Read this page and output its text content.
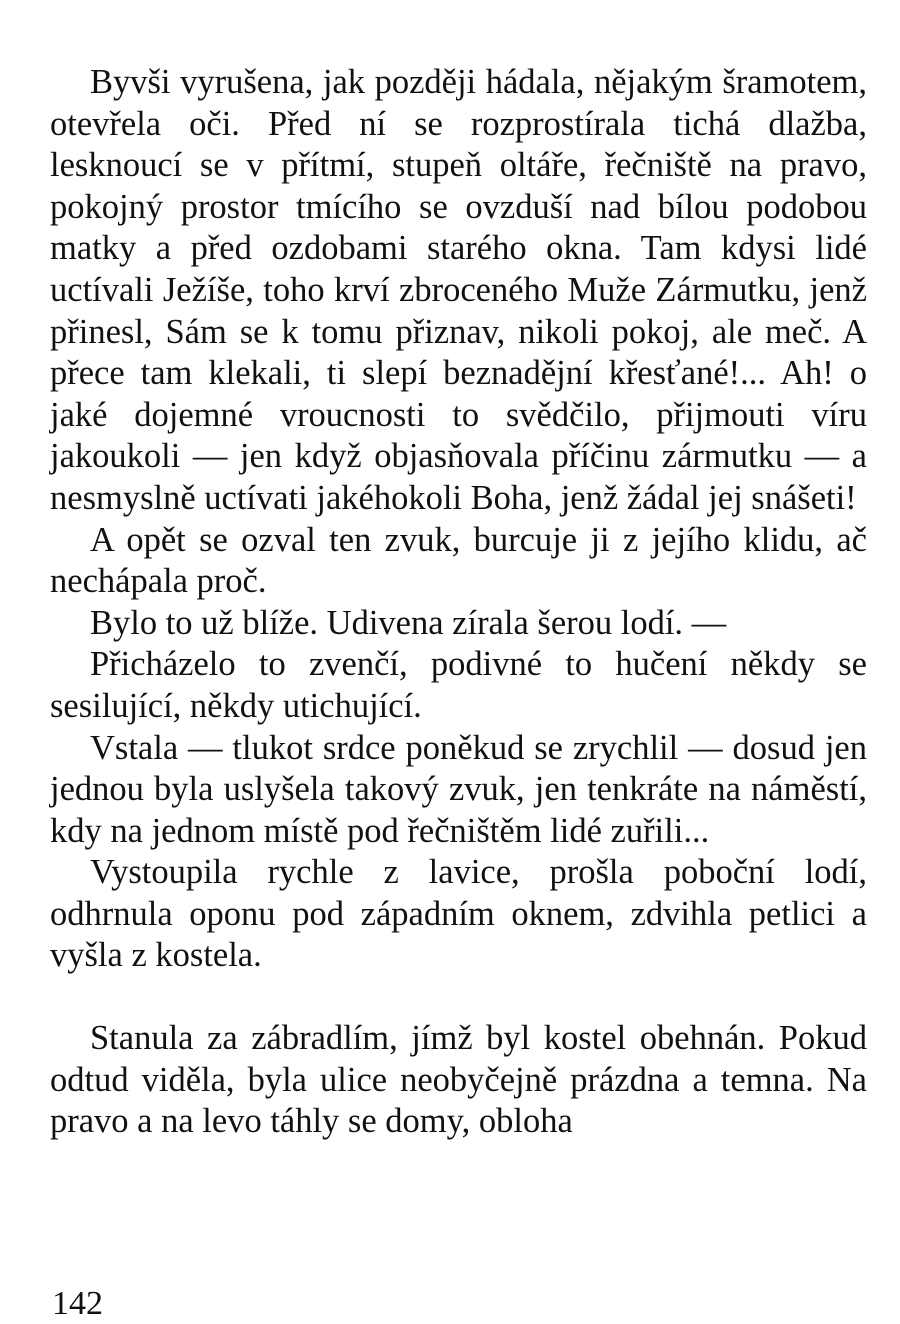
Byvši vyrušena, jak později hádala, nějakým šramotem, otevřela oči. Před ní se rozprostírala tichá dlažba, lesknoucí se v přítmí, stupeň oltáře, řečniště na pravo, pokojný prostor tmícího se ovzduší nad bílou podobou matky a před ozdobami starého okna. Tam kdysi lidé uctívali Ježíše, toho krví zbroceného Muže Zármutku, jenž přinesl, Sám se k tomu přiznav, nikoli pokoj, ale meč. A přece tam klekali, ti slepí beznadějní křesťané!... Ah! o jaké dojemné vroucnosti to svědčilo, přijmouti víru jakoukoli — jen když objasňovala příčinu zármutku — a nesmyslně uctívati jakéhokoli Boha, jenž žádal jej snášeti!

A opět se ozval ten zvuk, burcuje ji z jejího klidu, ač nechápala proč.

Bylo to už blíže. Udivena zírala šerou lodí. —

Přicházelo to zvenčí, podivné to hučení někdy se sesilující, někdy utichující.

Vstala — tlukot srdce poněkud se zrychlil — dosud jen jednou byla uslyšela takový zvuk, jen tenkráte na náměstí, kdy na jednom místě pod řečništěm lidé zuřili...

Vystoupila rychle z lavice, prošla poboční lodí, odhrnula oponu pod západním oknem, zdvihla petlici a vyšla z kostela.

Stanula za zábradlím, jímž byl kostel obehnán. Pokud odtud viděla, byla ulice neobyčejně prázdna a temna. Na pravo a na levo táhly se domy, obloha

142
